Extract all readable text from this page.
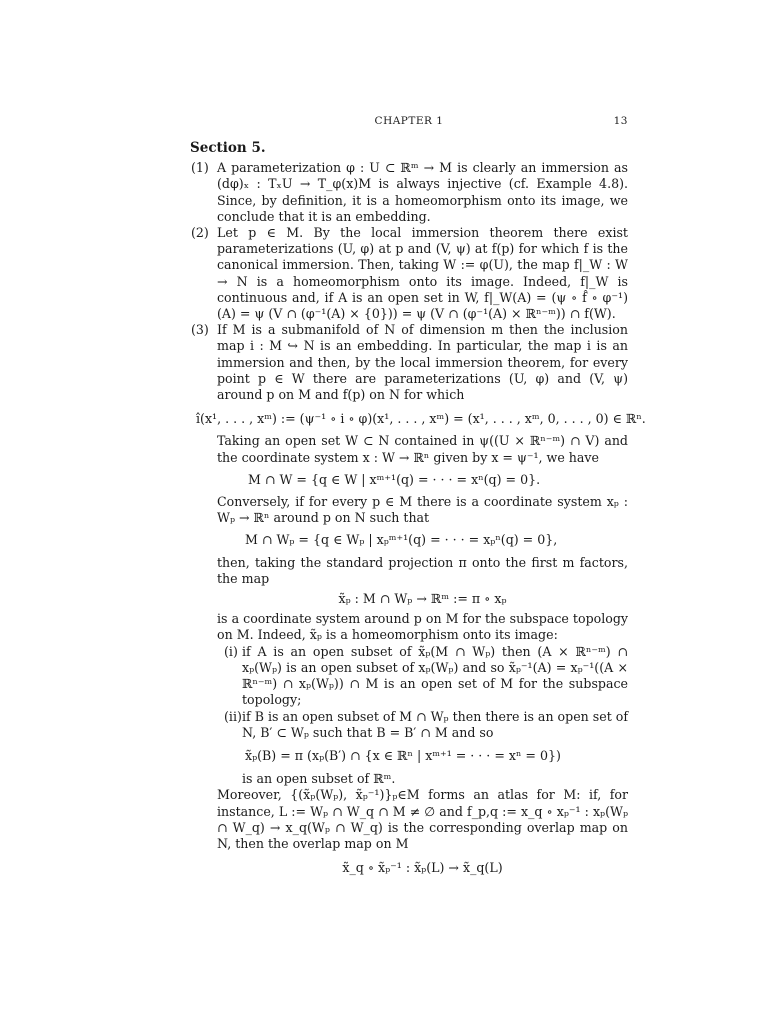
CHAPTER 1	13
Section 5.
(1) A parameterization φ : U ⊂ ℝᵐ → M is clearly an immersion as (dφ)ₓ : TₓU → T_φ(x)M is always injective (cf. Example 4.8). Since, by definition, it is a homeomorphism onto its image, we conclude that it is an embedding.
(2) Let p ∈ M. By the local immersion theorem there exist parameterizations (U, φ) at p and (V, ψ) at f(p) for which f is the canonical immersion. Then, taking W := φ(U), the map f|_W : W → N is a homeomorphism onto its image. Indeed, f|_W is continuous and, if A is an open set in W, f|_W(A) = (ψ ∘ f̂ ∘ φ⁻¹)(A) = ψ (V ∩ (φ⁻¹(A) × {0})) = ψ (V ∩ (φ⁻¹(A) × ℝⁿ⁻ᵐ)) ∩ f(W).
(3) If M is a submanifold of N of dimension m then the inclusion map i : M ↪ N is an embedding. In particular, the map i is an immersion and then, by the local immersion theorem, for every point p ∈ W there are parameterizations (U, φ) and (V, ψ) around p on M and f(p) on N for which
î(x¹, . . . , xᵐ) := (ψ⁻¹ ∘ i ∘ φ)(x¹, . . . , xᵐ) = (x¹, . . . , xᵐ, 0, . . . , 0) ∈ ℝⁿ.
Taking an open set W ⊂ N contained in ψ((U × ℝⁿ⁻ᵐ) ∩ V) and the coordinate system x : W → ℝⁿ given by x = ψ⁻¹, we have
M ∩ W = {q ∈ W | xᵐ⁺¹(q) = · · · = xⁿ(q) = 0}.
Conversely, if for every p ∈ M there is a coordinate system xₚ : Wₚ → ℝⁿ around p on N such that
M ∩ Wₚ = {q ∈ Wₚ | xₚᵐ⁺¹(q) = · · · = xₚⁿ(q) = 0},
then, taking the standard projection π onto the first m factors, the map
x̃ₚ : M ∩ Wₚ → ℝᵐ := π ∘ xₚ
is a coordinate system around p on M for the subspace topology on M. Indeed, x̃ₚ is a homeomorphism onto its image:
(i) if A is an open subset of x̃ₚ(M ∩ Wₚ) then (A × ℝⁿ⁻ᵐ) ∩ xₚ(Wₚ) is an open subset of xₚ(Wₚ) and so x̃ₚ⁻¹(A) = xₚ⁻¹((A × ℝⁿ⁻ᵐ) ∩ xₚ(Wₚ)) ∩ M is an open set of M for the subspace topology;
(ii) if B is an open subset of M ∩ Wₚ then there is an open set of N, B′ ⊂ Wₚ such that B = B′ ∩ M and so
x̃ₚ(B) = π (xₚ(B′) ∩ {x ∈ ℝⁿ | xᵐ⁺¹ = · · · = xⁿ = 0})
is an open subset of ℝᵐ.
Moreover, {(x̃ₚ(Wₚ), x̃ₚ⁻¹)}ₚ∈M forms an atlas for M: if, for instance, L := Wₚ ∩ W_q ∩ M ≠ ∅ and f_p,q := x_q ∘ xₚ⁻¹ : xₚ(Wₚ ∩ W_q) → x_q(Wₚ ∩ W_q) is the corresponding overlap map on N, then the overlap map on M
x̃_q ∘ x̃ₚ⁻¹ : x̃ₚ(L) → x̃_q(L)
